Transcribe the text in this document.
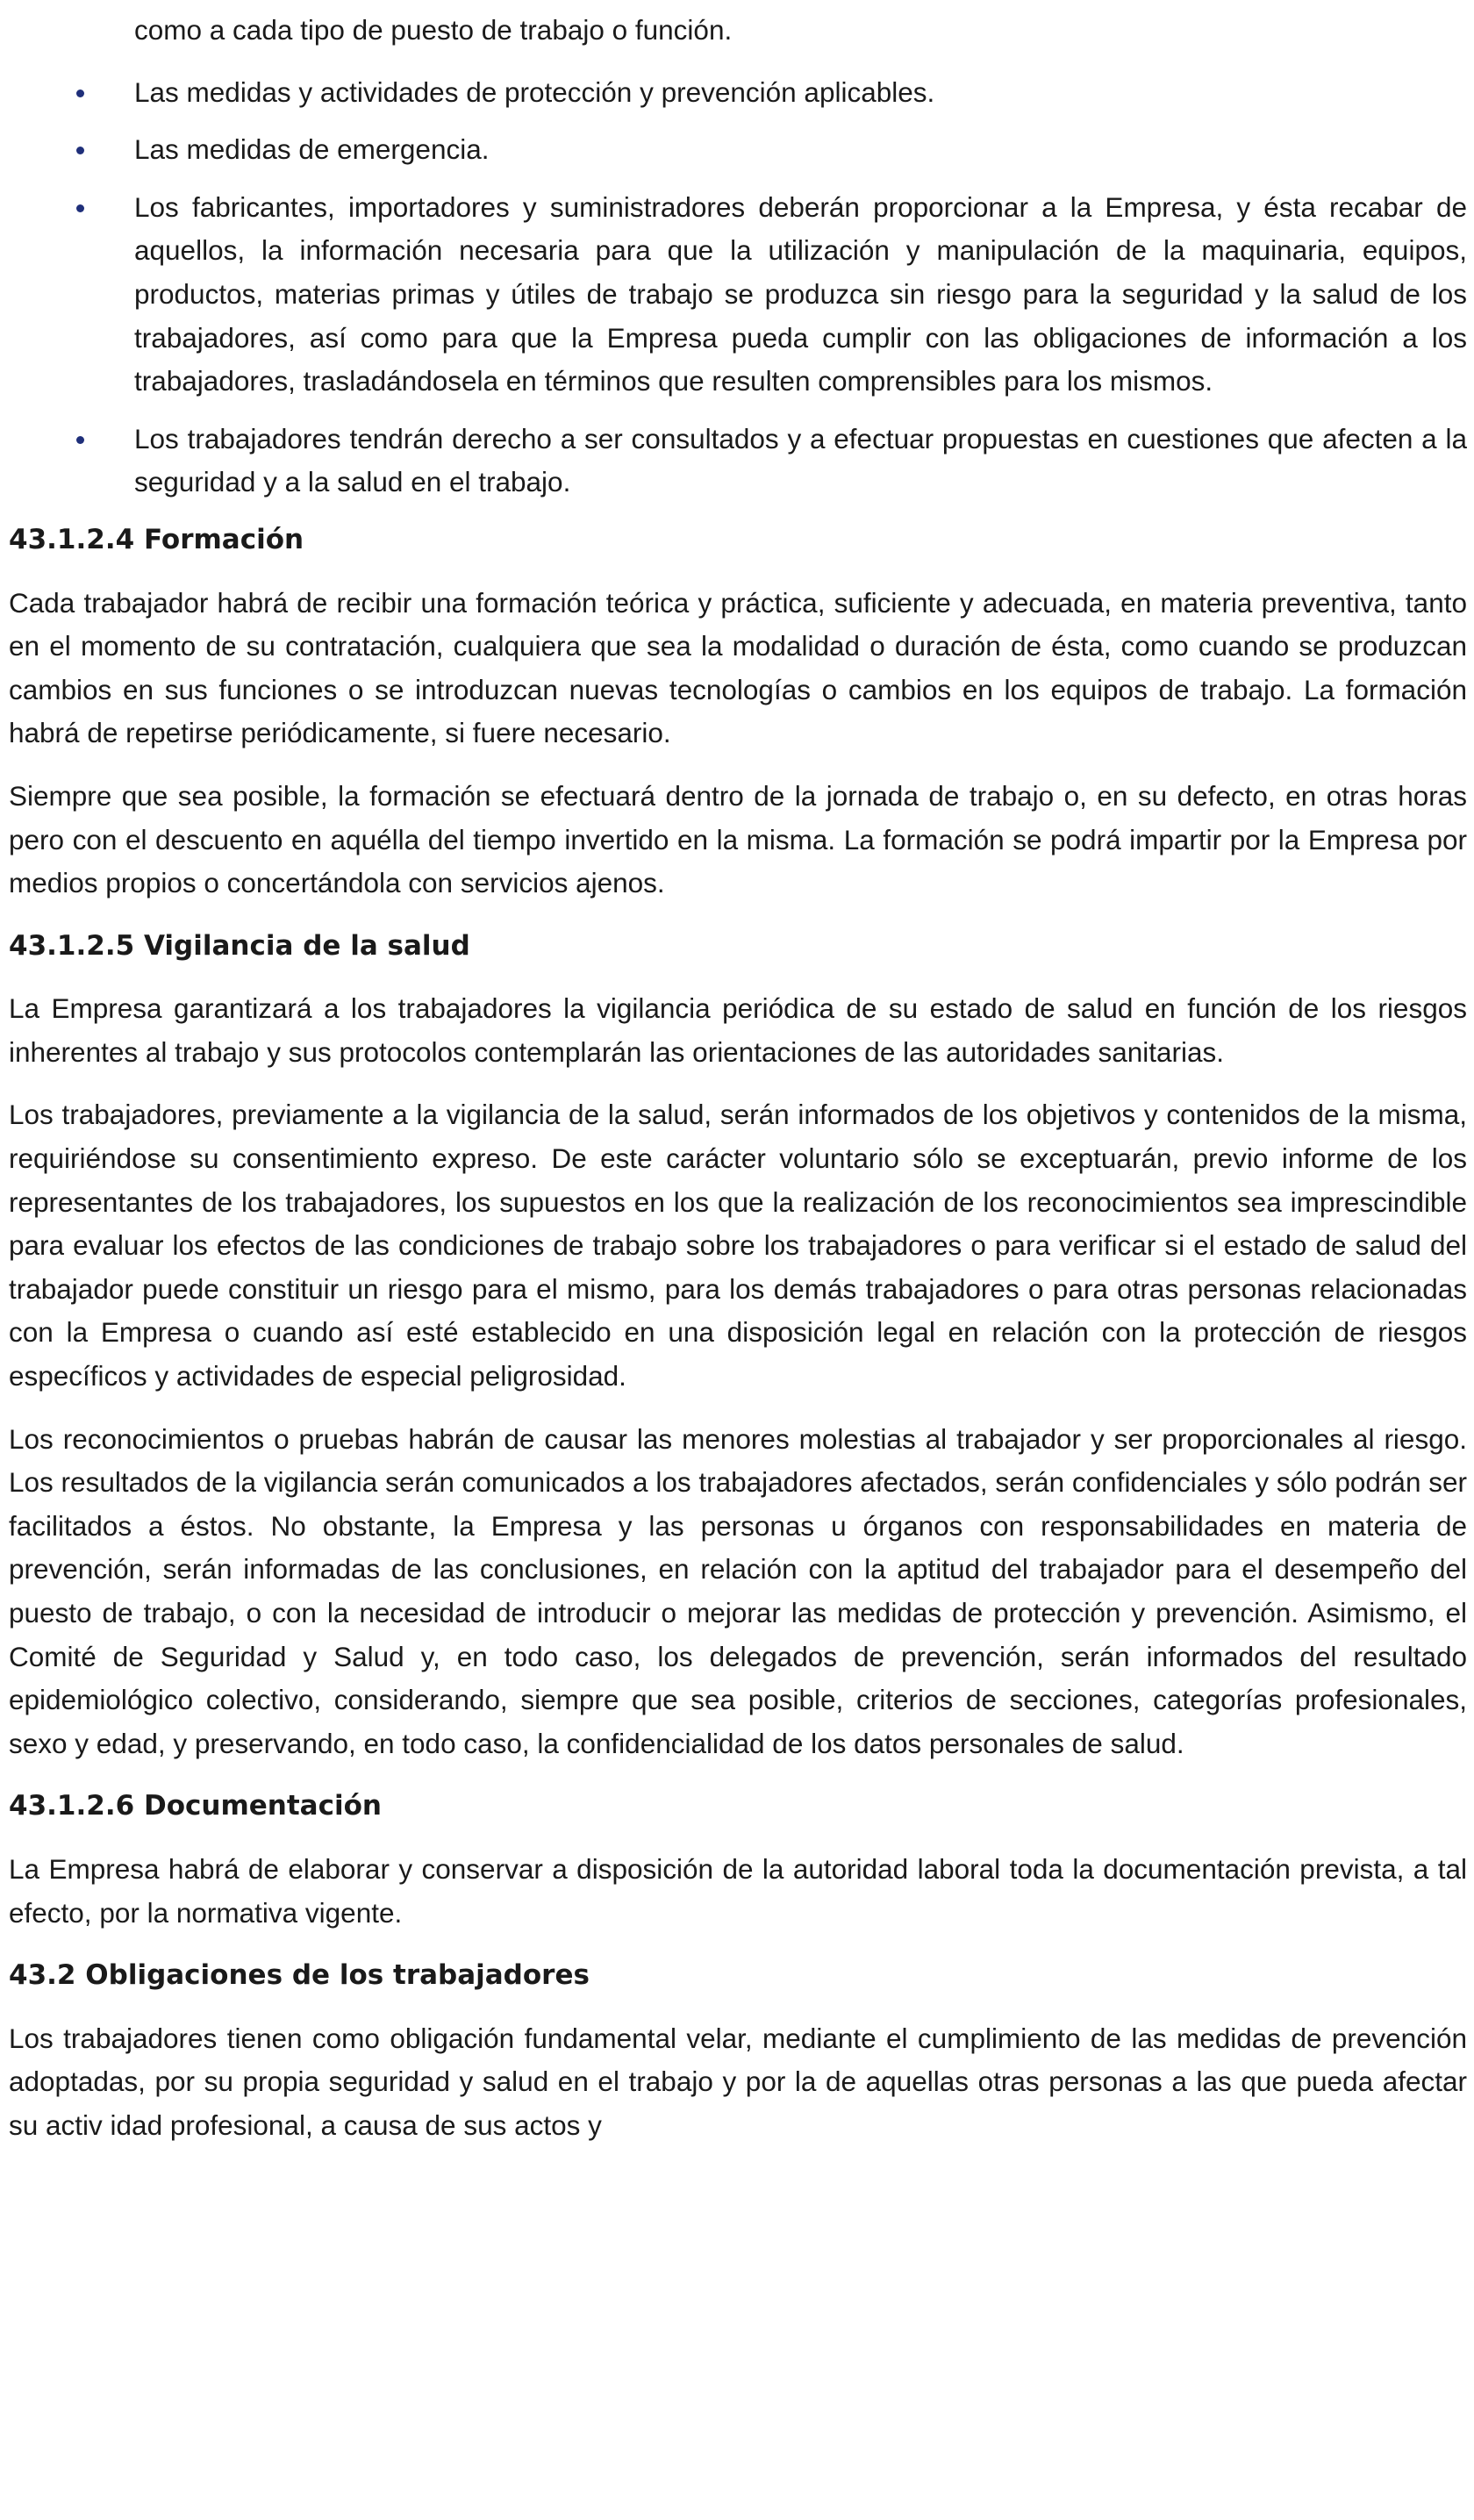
como a cada tipo de puesto de trabajo o función.
Las medidas y actividades de protección y prevención aplicables.
Las medidas de emergencia.
Los fabricantes, importadores y suministradores deberán proporcionar a la Empresa, y ésta recabar de aquellos, la información necesaria para que la utilización y manipulación de la maquinaria, equipos, productos, materias primas y útiles de trabajo se produzca sin riesgo para la seguridad y la salud de los trabajadores, así como para que la Empresa pueda cumplir con las obligaciones de información a los trabajadores, trasladándosela en términos que resulten comprensibles para los mismos.
Los trabajadores tendrán derecho a ser consultados y a efectuar propuestas en cuestiones que afecten a la seguridad y a la salud en el trabajo.
43.1.2.4 Formación

Cada trabajador habrá de recibir una formación teórica y práctica, suficiente y adecuada, en materia preventiva, tanto en el momento de su contratación, cualquiera que sea la modalidad o duración de ésta, como cuando se produzcan cambios en sus funciones o se introduzcan nuevas tecnologías o cambios en los equipos de trabajo. La formación habrá de repetirse periódicamente, si fuere necesario.

Siempre que sea posible, la formación se efectuará dentro de la jornada de trabajo o, en su defecto, en otras horas pero con el descuento en aquélla del tiempo invertido en la misma. La formación se podrá impartir por la Empresa por medios propios o concertándola con servicios ajenos.

43.1.2.5 Vigilancia de la salud

La Empresa garantizará a los trabajadores la vigilancia periódica de su estado de salud en función de los riesgos inherentes al trabajo y sus protocolos contemplarán las orientaciones de las autoridades sanitarias.

Los trabajadores, previamente a la vigilancia de la salud, serán informados de los objetivos y contenidos de la misma, requiriéndose su consentimiento expreso. De este carácter voluntario sólo se exceptuarán, previo informe de los representantes de los trabajadores, los supuestos en los que la realización de los reconocimientos sea imprescindible para evaluar los efectos de las condiciones de trabajo sobre los trabajadores o para verificar si el estado de salud del trabajador puede constituir un riesgo para el mismo, para los demás trabajadores o para otras personas relacionadas con la Empresa o cuando así esté establecido en una disposición legal en relación con la protección de riesgos específicos y actividades de especial peligrosidad.

Los reconocimientos o pruebas habrán de causar las menores molestias al trabajador y ser proporcionales al riesgo. Los resultados de la vigilancia serán comunicados a los trabajadores afectados, serán confidenciales y sólo podrán ser facilitados a éstos. No obstante, la Empresa y las personas u órganos con responsabilidades en materia de prevención, serán informadas de las conclusiones, en relación con la aptitud del trabajador para el desempeño del puesto de trabajo, o con la necesidad de introducir o mejorar las medidas de protección y prevención. Asimismo, el Comité de Seguridad y Salud y, en todo caso, los delegados de prevención, serán informados del resultado epidemiológico colectivo, considerando, siempre que sea posible, criterios de secciones, categorías profesionales, sexo y edad, y preservando, en todo caso, la confidencialidad de los datos personales de salud.

43.1.2.6 Documentación

La Empresa habrá de elaborar y conservar a disposición de la autoridad laboral toda la documentación prevista, a tal efecto, por la normativa vigente.

43.2 Obligaciones de los trabajadores

Los trabajadores tienen como obligación fundamental velar, mediante el cumplimiento de las medidas de prevención adoptadas, por su propia seguridad y salud en el trabajo y por la de aquellas otras personas a las que pueda afectar su activ idad profesional, a causa de sus actos y
